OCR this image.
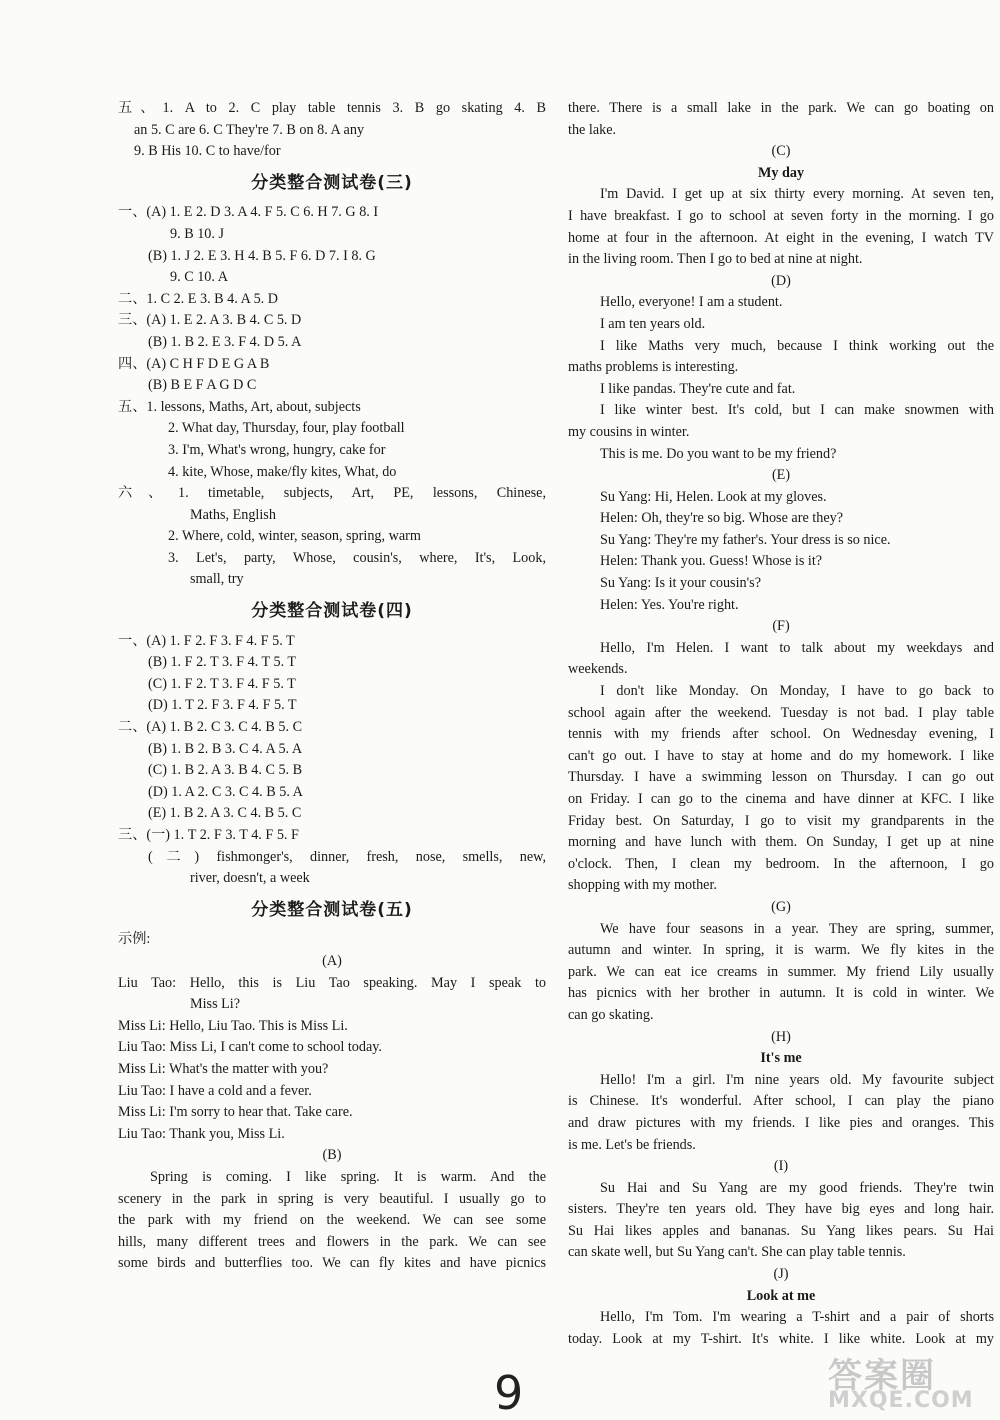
五、1. A to 2. C play table tennis 3. B go skating 4. B
an 5. C are 6. C They're 7. B on 8. A any
9. B His 10. C to have/for
分类整合测试卷(三)
一、(A) 1. E 2. D 3. A 4. F 5. C 6. H 7. G 8. I
9. B 10. J
(B) 1. J 2. E 3. H 4. B 5. F 6. D 7. I 8. G
9. C 10. A
二、1. C 2. E 3. B 4. A 5. D
三、(A) 1. E 2. A 3. B 4. C 5. D
(B) 1. B 2. E 3. F 4. D 5. A
四、(A) C H F D E G A B
(B) B E F A G D C
五、1. lessons, Maths, Art, about, subjects
2. What day, Thursday, four, play football
3. I'm, What's wrong, hungry, cake for
4. kite, Whose, make/fly kites, What, do
六、1. timetable, subjects, Art, PE, lessons, Chinese,
Maths, English
2. Where, cold, winter, season, spring, warm
3. Let's, party, Whose, cousin's, where, It's, Look,
small, try
分类整合测试卷(四)
一、(A) 1. F 2. F 3. F 4. F 5. T
(B) 1. F 2. T 3. F 4. T 5. T
(C) 1. F 2. T 3. F 4. F 5. T
(D) 1. T 2. F 3. F 4. F 5. T
二、(A) 1. B 2. C 3. C 4. B 5. C
(B) 1. B 2. B 3. C 4. A 5. A
(C) 1. B 2. A 3. B 4. C 5. B
(D) 1. A 2. C 3. C 4. B 5. A
(E) 1. B 2. A 3. C 4. B 5. C
三、(一) 1. T 2. F 3. T 4. F 5. F
(二) fishmonger's, dinner, fresh, nose, smells, new,
river, doesn't, a week
分类整合测试卷(五)
示例:
(A)
Liu Tao: Hello, this is Liu Tao speaking. May I speak to
Miss Li?
Miss Li: Hello, Liu Tao. This is Miss Li.
Liu Tao: Miss Li, I can't come to school today.
Miss Li: What's the matter with you?
Liu Tao: I have a cold and a fever.
Miss Li: I'm sorry to hear that. Take care.
Liu Tao: Thank you, Miss Li.
(B)
Spring is coming. I like spring. It is warm. And the
scenery in the park in spring is very beautiful. I usually go to
the park with my friend on the weekend. We can see some
hills, many different trees and flowers in the park. We can see
some birds and butterflies too. We can fly kites and have picnics
there. There is a small lake in the park. We can go boating on
the lake.
(C)
My day
I'm David. I get up at six thirty every morning. At seven ten,
I have breakfast. I go to school at seven forty in the morning. I go
home at four in the afternoon. At eight in the evening, I watch TV
in the living room. Then I go to bed at nine at night.
(D)
Hello, everyone! I am a student.
I am ten years old.
I like Maths very much, because I think working out the
maths problems is interesting.
I like pandas. They're cute and fat.
I like winter best. It's cold, but I can make snowmen with
my cousins in winter.
This is me. Do you want to be my friend?
(E)
Su Yang: Hi, Helen. Look at my gloves.
Helen: Oh, they're so big. Whose are they?
Su Yang: They're my father's. Your dress is so nice.
Helen: Thank you. Guess! Whose is it?
Su Yang: Is it your cousin's?
Helen: Yes. You're right.
(F)
Hello, I'm Helen. I want to talk about my weekdays and
weekends.
I don't like Monday. On Monday, I have to go back to
school again after the weekend. Tuesday is not bad. I play table
tennis with my friends after school. On Wednesday evening, I
can't go out. I have to stay at home and do my homework. I like
Thursday. I have a swimming lesson on Thursday. I can go out
on Friday. I can go to the cinema and have dinner at KFC. I like
Friday best. On Saturday, I go to visit my grandparents in the
morning and have lunch with them. On Sunday, I get up at nine
o'clock. Then, I clean my bedroom. In the afternoon, I go
shopping with my mother.
(G)
We have four seasons in a year. They are spring, summer,
autumn and winter. In spring, it is warm. We fly kites in the
park. We can eat ice creams in summer. My friend Lily usually
has picnics with her brother in autumn. It is cold in winter. We
can go skating.
(H)
It's me
Hello! I'm a girl. I'm nine years old. My favourite subject
is Chinese. It's wonderful. After school, I can play the piano
and draw pictures with my friends. I like pies and oranges. This
is me. Let's be friends.
(I)
Su Hai and Su Yang are my good friends. They're twin
sisters. They're ten years old. They have big eyes and long hair.
Su Hai likes apples and bananas. Su Yang likes pears. Su Hai
can skate well, but Su Yang can't. She can play table tennis.
(J)
Look at me
Hello, I'm Tom. I'm wearing a T-shirt and a pair of shorts
today. Look at my T-shirt. It's white. I like white. Look at my
9	答案圈
MXQE.COM
